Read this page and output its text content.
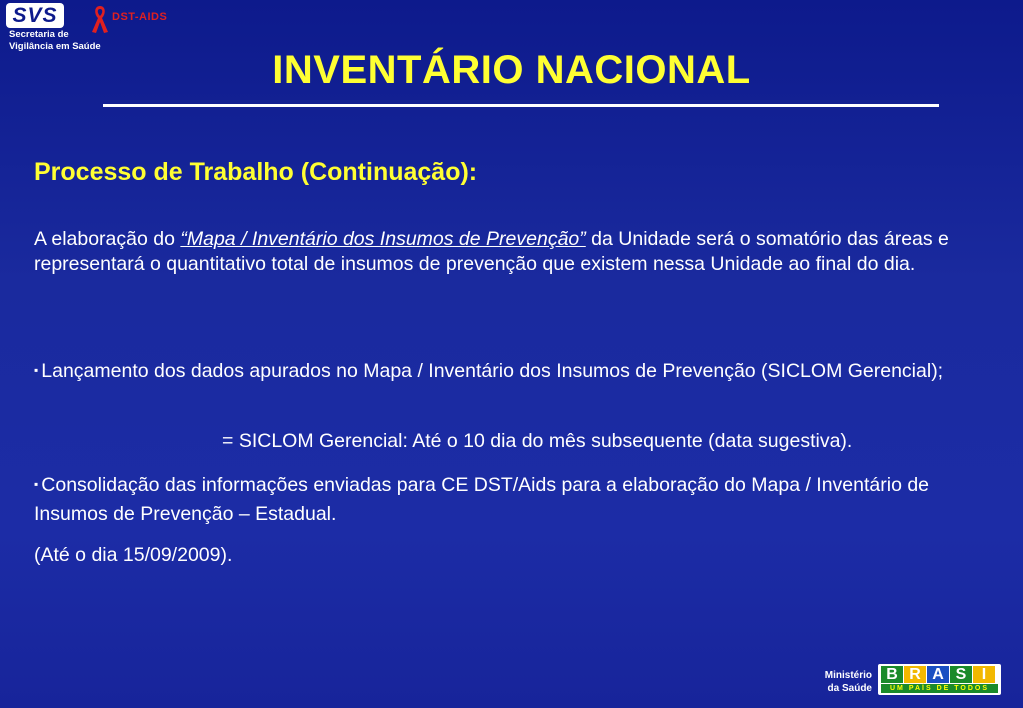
SVS
Secretaria de
Vigilância em Saúde
DST-AIDS
INVENTÁRIO NACIONAL
Processo de Trabalho (Continuação):

A elaboração do “Mapa / Inventário dos Insumos de Prevenção” da Unidade será o somatório das áreas e representará o quantitativo total de insumos de prevenção que existem nessa Unidade ao final do dia.

▪ Lançamento dos dados apurados no Mapa / Inventário dos Insumos de Prevenção (SICLOM Gerencial);

= SICLOM Gerencial: Até o 10 dia do mês subsequente (data sugestiva).

▪ Consolidação das informações enviadas para CE DST/Aids para a elaboração do Mapa / Inventário de Insumos de Prevenção – Estadual.

(Até o dia 15/09/2009).

Ministério
da Saúde
B R A S I
UM PAÍS DE TODOS
